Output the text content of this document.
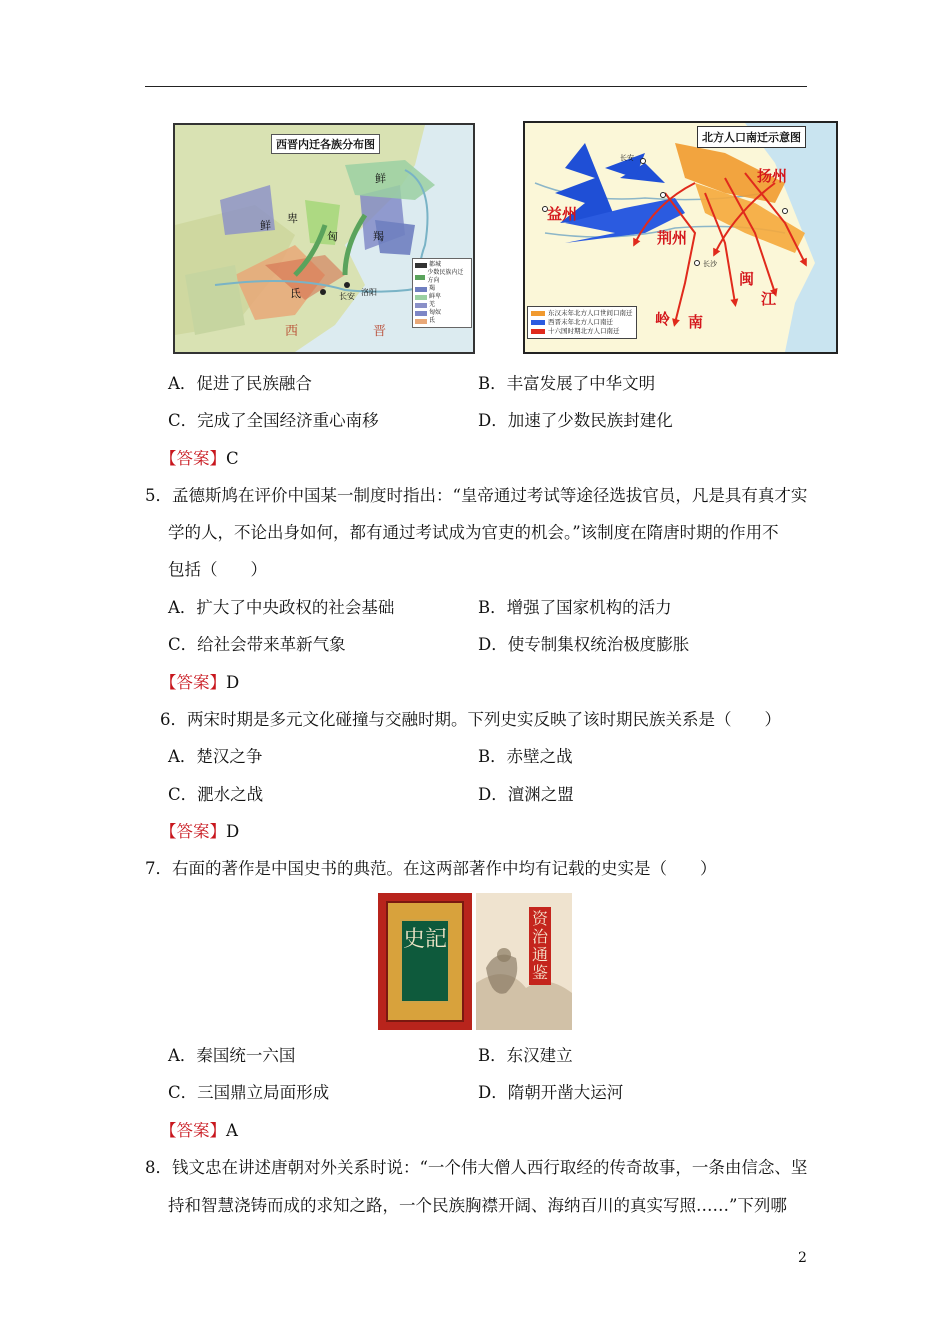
西晋内迁各族分布图
鲜
卑
匈
鲜
羯
氐	长安 洛阳
西	晋
都城
少数民族内迁方向
羯
鲜卑
羌
匈奴
氐
北方人口南迁示意图
扬州
益州
荆州
闽
江
岭 南
长安
长沙
东汉末年北方人口世间口南迁
西晋末年北方人口南迁
十六国时期北方人口南迁
A．促进了民族融合	B．丰富发展了中华文明
C．完成了全国经济重心南移	D．加速了少数民族封建化
【答案】C
5．孟德斯鸠在评价中国某一制度时指出：“皇帝通过考试等途径选拔官员，凡是具有真才实
学的人，不论出身如何，都有通过考试成为官吏的机会。”该制度在隋唐时期的作用不
包括（　　）
A．扩大了中央政权的社会基础	B．增强了国家机构的活力
C．给社会带来革新气象	D．使专制集权统治极度膨胀
【答案】D
6．两宋时期是多元文化碰撞与交融时期。下列史实反映了该时期民族关系是（　　）
A．楚汉之争	B．赤壁之战
C．淝水之战	D．澶渊之盟
【答案】D
7．右面的著作是中国史书的典范。在这两部著作中均有记载的史实是（　　）
史記
资治通鉴
A．秦国统一六国	B．东汉建立
C．三国鼎立局面形成	D．隋朝开凿大运河
【答案】A
8．钱文忠在讲述唐朝对外关系时说：“一个伟大僧人西行取经的传奇故事，一条由信念、坚
持和智慧浇铸而成的求知之路，一个民族胸襟开阔、海纳百川的真实写照……”下列哪
2
